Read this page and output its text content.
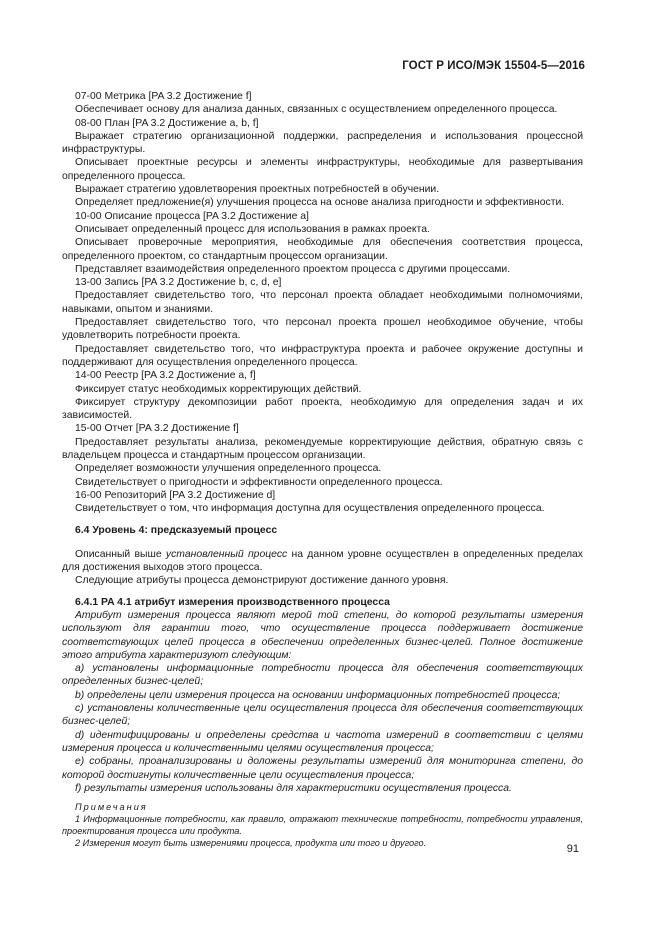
ГОСТ Р ИСО/МЭК 15504-5—2016

07-00 Метрика [PA 3.2 Достижение f]

Обеспечивает основу для анализа данных, связанных с осуществлением определенного процесса.

08-00 План [PA 3.2 Достижение a, b, f]

Выражает стратегию организационной поддержки, распределения и использования процессной инфраструктуры.

Описывает проектные ресурсы и элементы инфраструктуры, необходимые для развертывания определенного процесса.

Выражает стратегию удовлетворения проектных потребностей в обучении.

Определяет предложение(я) улучшения процесса на основе анализа пригодности и эффективности.

10-00 Описание процесса [PA 3.2 Достижение a]

Описывает определенный процесс для использования в рамках проекта.

Описывает проверочные мероприятия, необходимые для обеспечения соответствия процесса, определенного проектом, со стандартным процессом организации.

Представляет взаимодействия определенного проектом процесса с другими процессами.

13-00 Запись [PA 3.2 Достижение b, c, d, e]

Предоставляет свидетельство того, что персонал проекта обладает необходимыми полномочиями, навыками, опытом и знаниями.

Предоставляет свидетельство того, что персонал проекта прошел необходимое обучение, чтобы удовлетворить потребности проекта.

Предоставляет свидетельство того, что инфраструктура проекта и рабочее окружение доступны и поддерживают для осуществления определенного процесса.

14-00 Реестр [PA 3.2 Достижение a, f]

Фиксирует статус необходимых корректирующих действий.

Фиксирует структуру декомпозиции работ проекта, необходимую для определения задач и их зависимостей.

15-00 Отчет [PA 3.2 Достижение f]

Предоставляет результаты анализа, рекомендуемые корректирующие действия, обратную связь с владельцем процесса и стандартным процессом организации.

Определяет возможности улучшения определенного процесса.

Свидетельствует о пригодности и эффективности определенного процесса.

16-00 Репозиторий [PA 3.2 Достижение d]

Свидетельствует о том, что информация доступна для осуществления определенного процесса.

6.4 Уровень 4: предсказуемый процесс

Описанный выше установленный процесс на данном уровне осуществлен в определенных пределах для достижения выходов этого процесса.

Следующие атрибуты процесса демонстрируют достижение данного уровня.

6.4.1 PA 4.1 атрибут измерения производственного процесса

Атрибут измерения процесса являют мерой той степени, до которой результаты измерения используют для гарантии того, что осуществление процесса поддерживает достижение соответствующих целей процесса в обеспечении определенных бизнес-целей. Полное достижение этого атрибута характеризуют следующим:

a) установлены информационные потребности процесса для обеспечения соответствующих определенных бизнес-целей;

b) определены цели измерения процесса на основании информационных потребностей процесса;

c) установлены количественные цели осуществления процесса для обеспечения соответствующих бизнес-целей;

d) идентифицированы и определены средства и частота измерений в соответствии с целями измерения процесса и количественными целями осуществления процесса;

e) собраны, проанализированы и доложены результаты измерений для мониторинга степени, до которой достигнуты количественные цели осуществления процесса;

f) результаты измерения использованы для характеристики осуществления процесса.

Примечания

1 Информационные потребности, как правило, отражают технические потребности, потребности управления, проектирования процесса или продукта.

2 Измерения могут быть измерениями процесса, продукта или того и другого.	91
